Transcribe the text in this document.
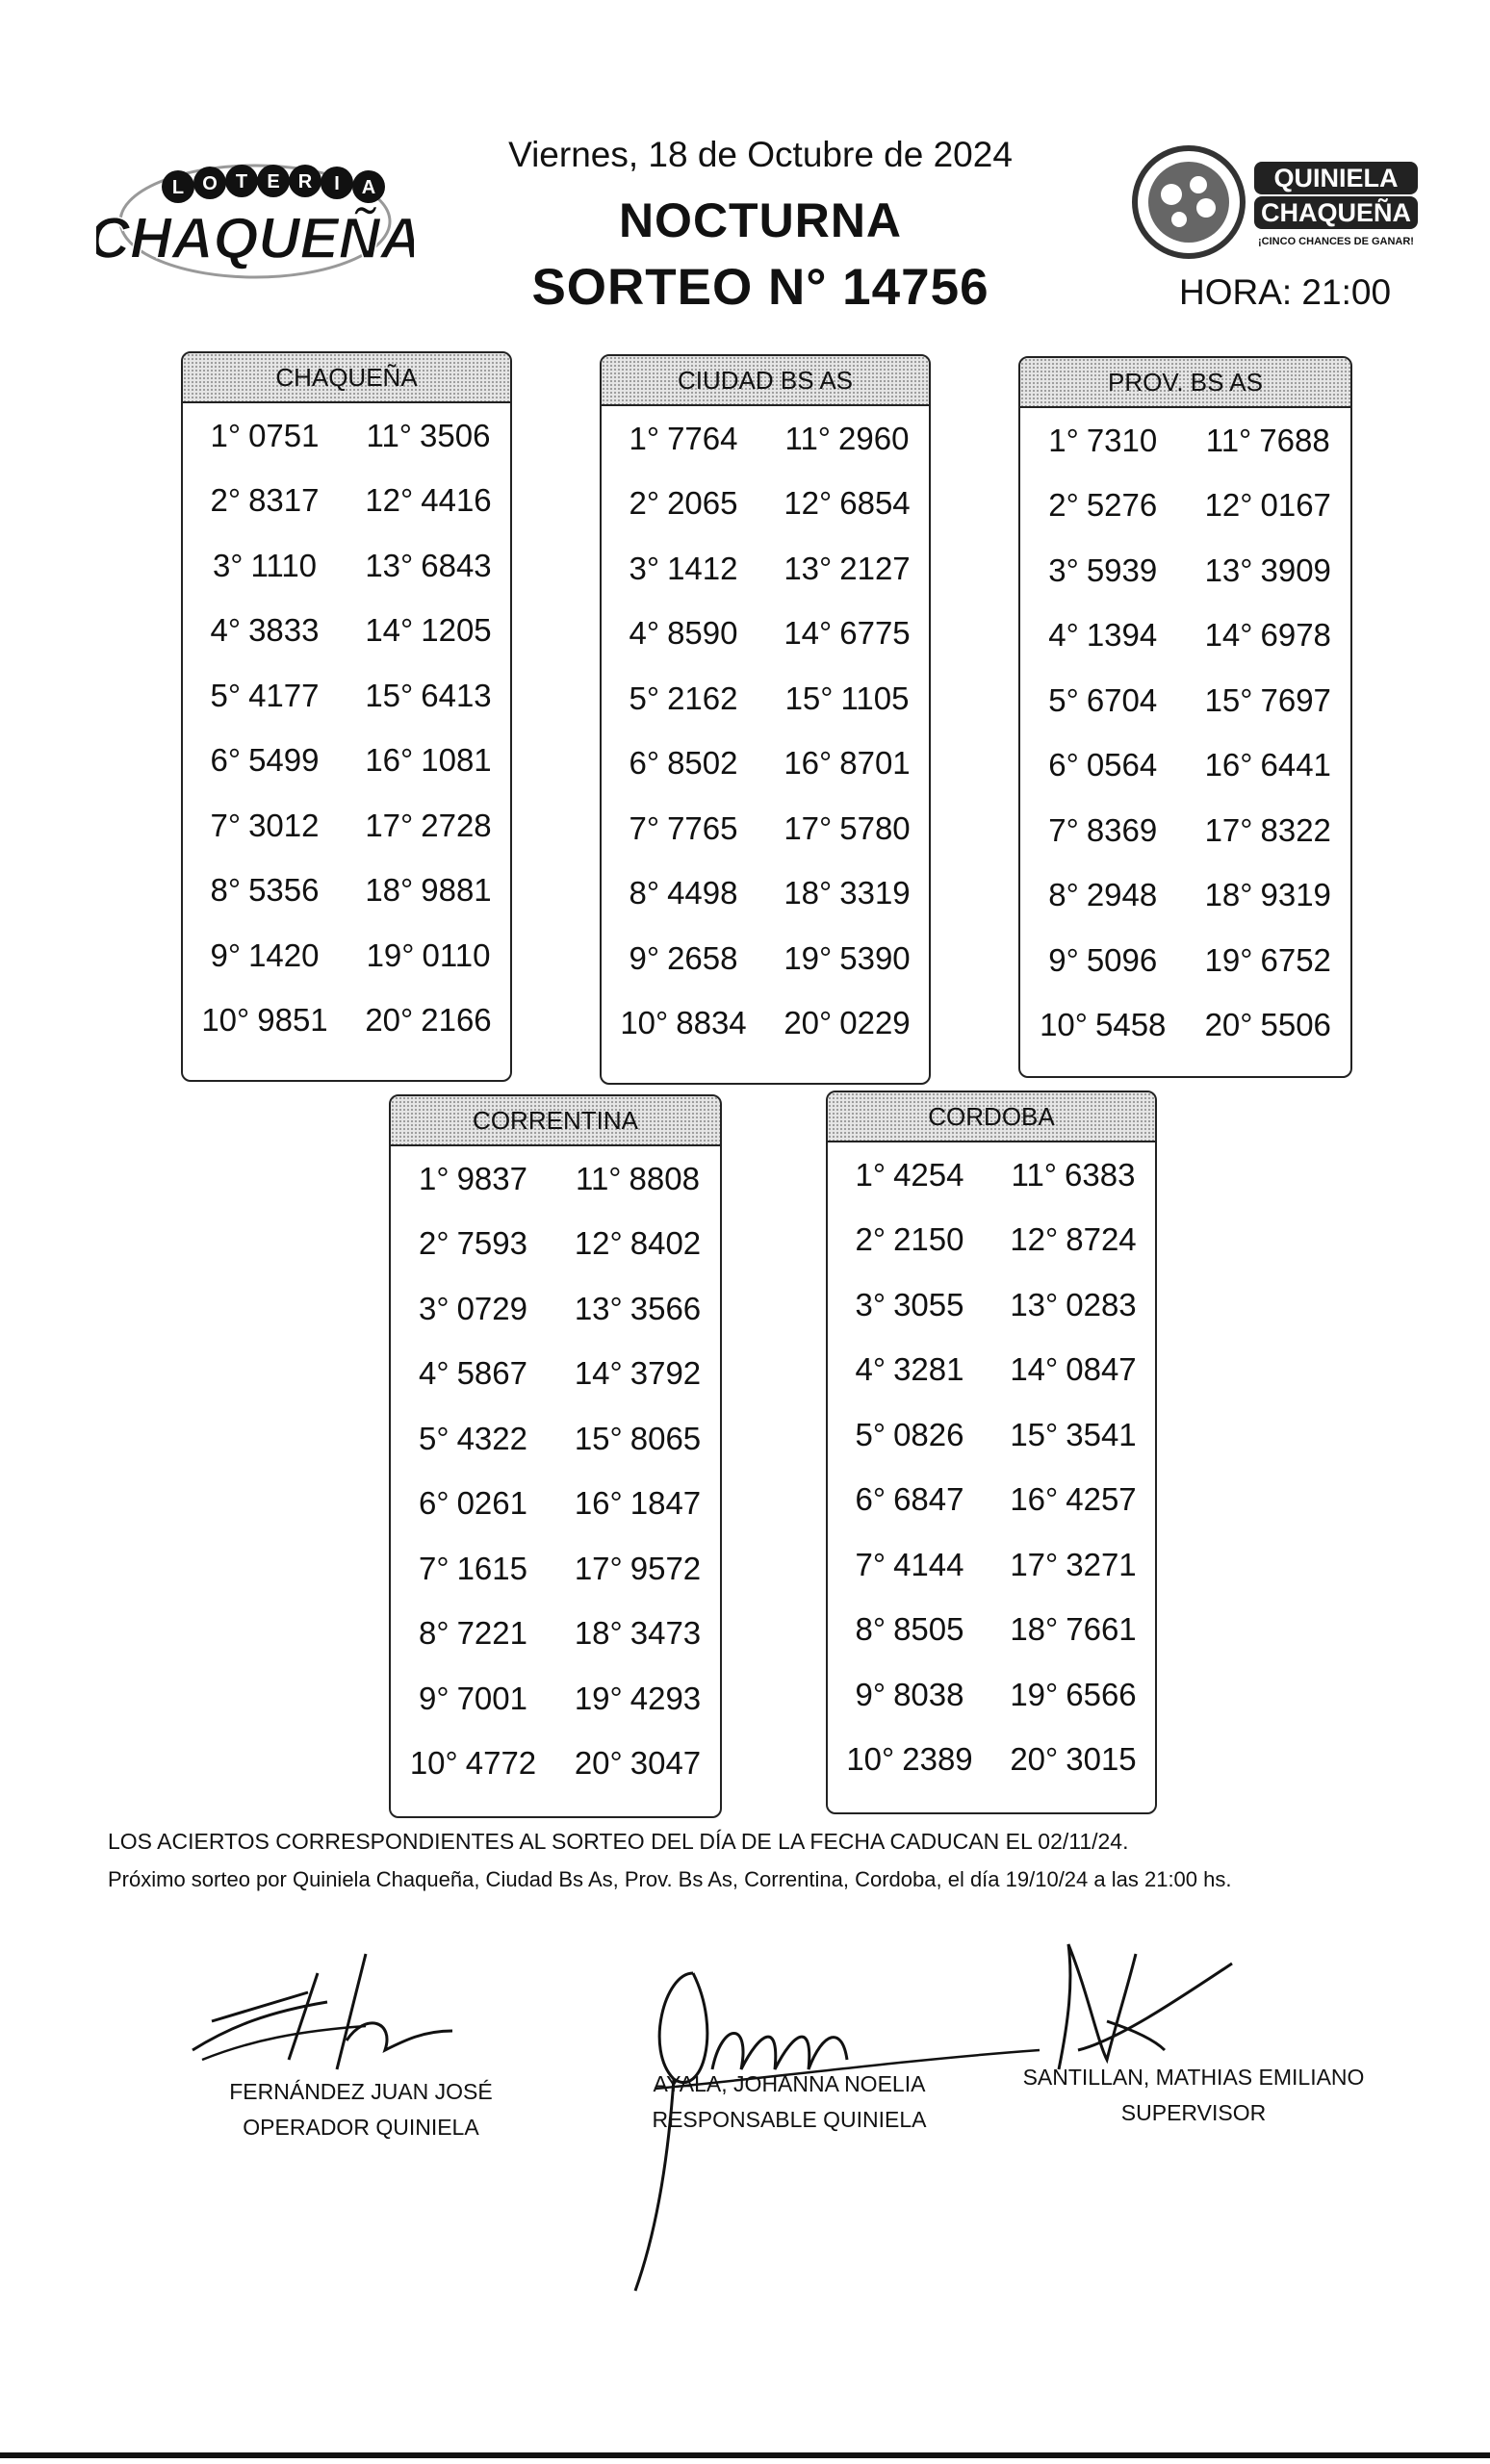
L O T E R I A
CHAQUEÑA
Viernes, 18 de Octubre de 2024
NOCTURNA
SORTEO N° 14756	HORA: 21:00
QUINIELA
CHAQUEÑA
¡CINCO CHANCES DE GANAR!
CHAQUEÑA
1° 0751	11° 3506
2° 8317	12° 4416
3° 1110	13° 6843
4° 3833	14° 1205
5° 4177	15° 6413
6° 5499	16° 1081
7° 3012	17° 2728
8° 5356	18° 9881
9° 1420	19° 0110
10° 9851	20° 2166
CIUDAD BS AS
1° 7764	11° 2960
2° 2065	12° 6854
3° 1412	13° 2127
4° 8590	14° 6775
5° 2162	15° 1105
6° 8502	16° 8701
7° 7765	17° 5780
8° 4498	18° 3319
9° 2658	19° 5390
10° 8834	20° 0229
PROV. BS AS
1° 7310	11° 7688
2° 5276	12° 0167
3° 5939	13° 3909
4° 1394	14° 6978
5° 6704	15° 7697
6° 0564	16° 6441
7° 8369	17° 8322
8° 2948	18° 9319
9° 5096	19° 6752
10° 5458	20° 5506
CORRENTINA
1° 9837	11° 8808
2° 7593	12° 8402
3° 0729	13° 3566
4° 5867	14° 3792
5° 4322	15° 8065
6° 0261	16° 1847
7° 1615	17° 9572
8° 7221	18° 3473
9° 7001	19° 4293
10° 4772	20° 3047
CORDOBA
1° 4254	11° 6383
2° 2150	12° 8724
3° 3055	13° 0283
4° 3281	14° 0847
5° 0826	15° 3541
6° 6847	16° 4257
7° 4144	17° 3271
8° 8505	18° 7661
9° 8038	19° 6566
10° 2389	20° 3015
LOS ACIERTOS CORRESPONDIENTES AL SORTEO DEL DÍA DE LA FECHA CADUCAN EL 02/11/24.
Próximo sorteo por Quiniela Chaqueña, Ciudad Bs As, Prov. Bs As, Correntina, Cordoba, el día 19/10/24 a las 21:00 hs.
FERNÁNDEZ JUAN JOSÉ
OPERADOR QUINIELA
AYALA, JOHANNA NOELIA
RESPONSABLE QUINIELA
SANTILLAN, MATHIAS EMILIANO
SUPERVISOR
